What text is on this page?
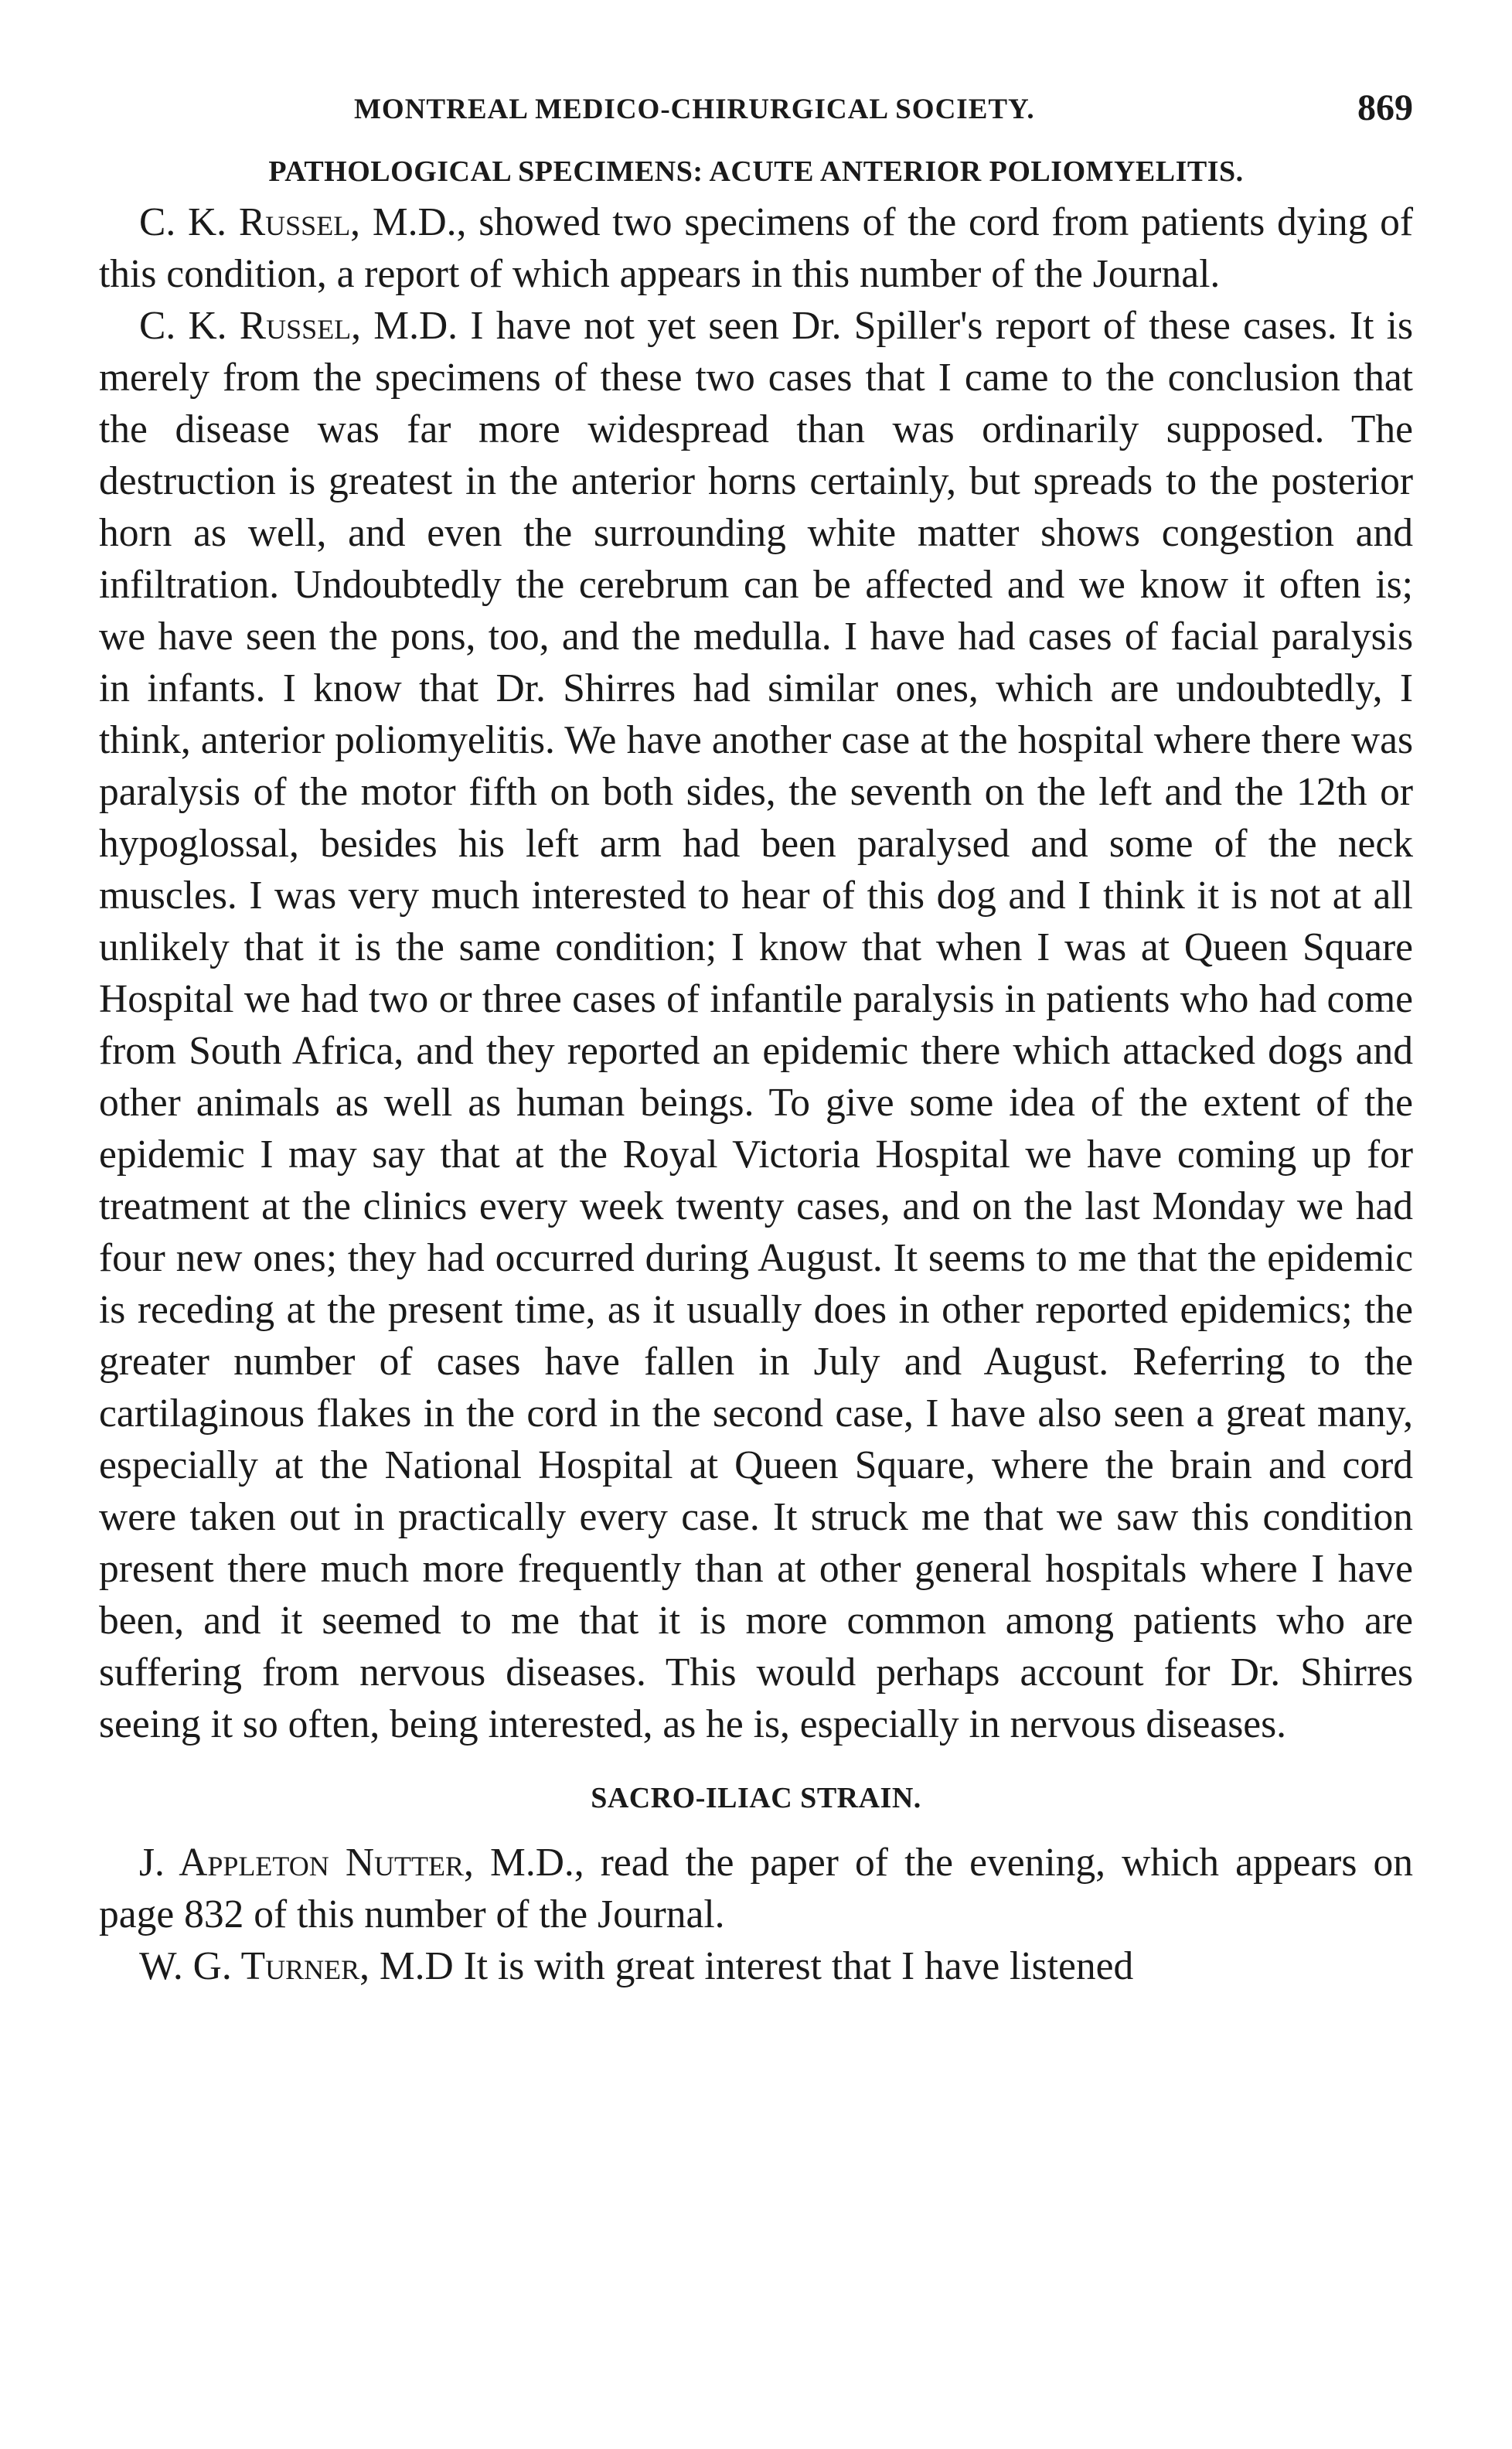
MONTREAL MEDICO-CHIRURGICAL SOCIETY.	869
PATHOLOGICAL SPECIMENS: ACUTE ANTERIOR POLIOMYELITIS.

C. K. Russel, M.D., showed two specimens of the cord from patients dying of this condition, a report of which appears in this number of the Journal.

C. K. Russel, M.D. I have not yet seen Dr. Spiller's report of these cases. It is merely from the specimens of these two cases that I came to the conclusion that the disease was far more widespread than was ordinarily supposed. The destruction is greatest in the anterior horns certainly, but spreads to the posterior horn as well, and even the surrounding white matter shows congestion and infiltration. Undoubtedly the cerebrum can be affected and we know it often is; we have seen the pons, too, and the medulla. I have had cases of facial paralysis in infants. I know that Dr. Shirres had similar ones, which are undoubtedly, I think, anterior poliomyelitis. We have another case at the hospital where there was paralysis of the motor fifth on both sides, the seventh on the left and the 12th or hypoglossal, besides his left arm had been paralysed and some of the neck muscles. I was very much interested to hear of this dog and I think it is not at all unlikely that it is the same condition; I know that when I was at Queen Square Hospital we had two or three cases of infantile paralysis in patients who had come from South Africa, and they reported an epidemic there which attacked dogs and other animals as well as human beings. To give some idea of the extent of the epidemic I may say that at the Royal Victoria Hospital we have coming up for treatment at the clinics every week twenty cases, and on the last Monday we had four new ones; they had occurred during August. It seems to me that the epidemic is receding at the present time, as it usually does in other reported epidemics; the greater number of cases have fallen in July and August. Referring to the cartilaginous flakes in the cord in the second case, I have also seen a great many, especially at the National Hospital at Queen Square, where the brain and cord were taken out in practically every case. It struck me that we saw this condition present there much more frequently than at other general hospitals where I have been, and it seemed to me that it is more common among patients who are suffering from nervous diseases. This would perhaps account for Dr. Shirres seeing it so often, being interested, as he is, especially in nervous diseases.

SACRO-ILIAC STRAIN.

J. Appleton Nutter, M.D., read the paper of the evening, which appears on page 832 of this number of the Journal.

W. G. Turner, M.D It is with great interest that I have listened
